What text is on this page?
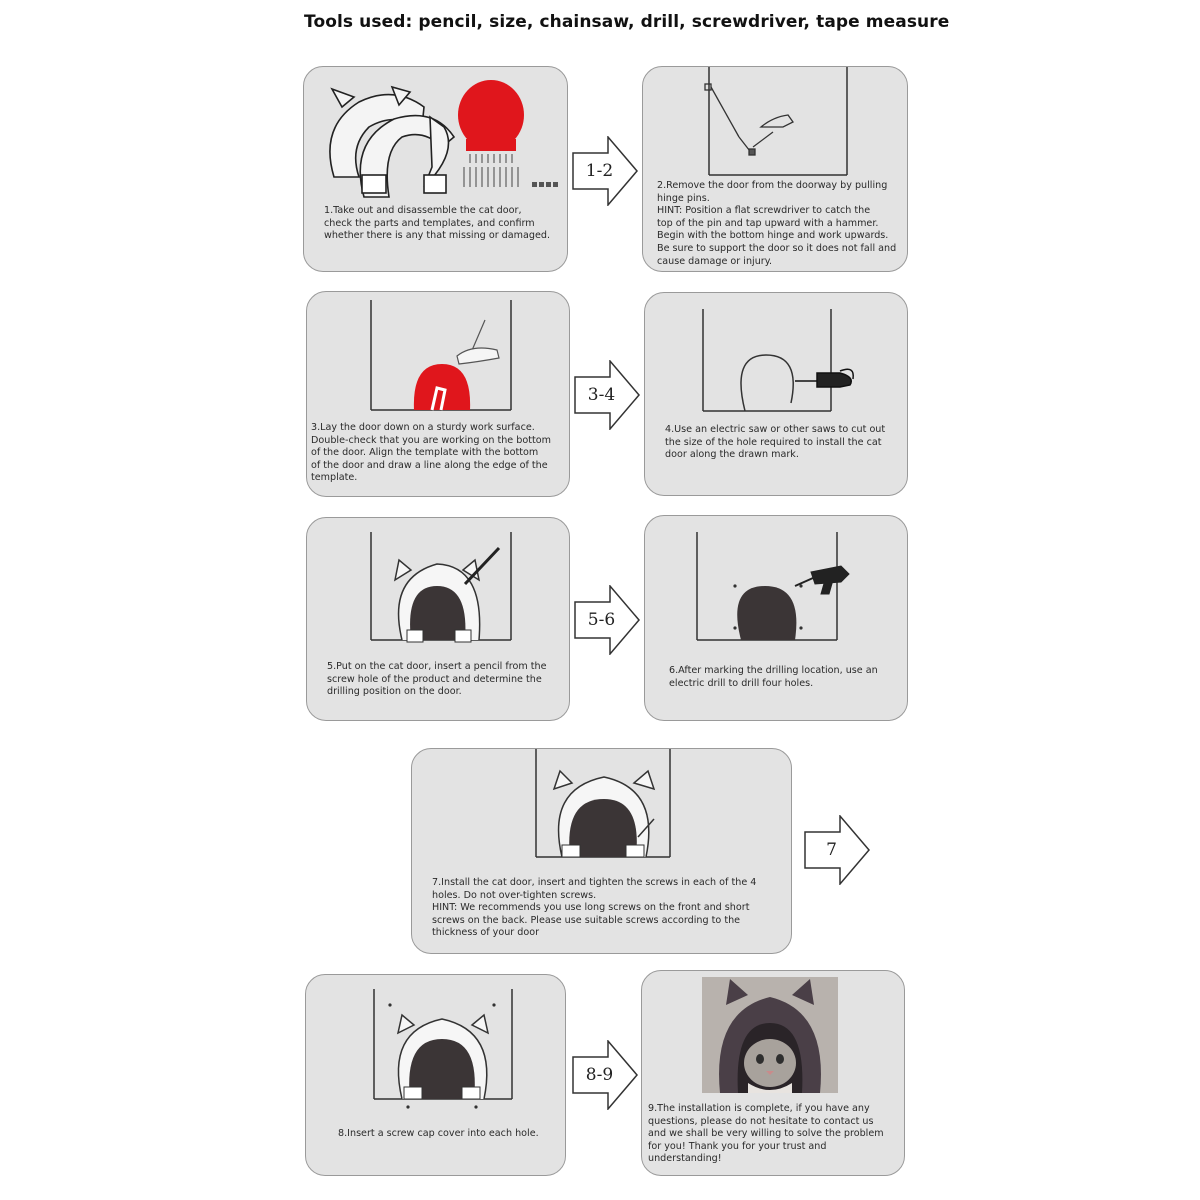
Tools used: pencil, size, chainsaw, drill, screwdriver, tape measure
1.Take out and disassemble the cat door,
check the parts and templates, and confirm
whether there is any that missing or damaged.
1-2
2.Remove the door from the doorway by pulling
hinge pins.
HINT: Position a flat screwdriver to catch the
top of the pin and tap upward with a hammer.
Begin with the bottom hinge and work upwards.
Be sure to support the door so it does not fall and
cause damage or injury.
3.Lay the door down on a sturdy work surface.
Double-check that you are working on the bottom
of the door. Align the template with the bottom
of the door and draw a line along the edge of the
template.
3-4
4.Use an electric saw or other saws to cut out
the size of the hole required to install the cat
door along the drawn mark.
5.Put on the cat door, insert a pencil from the
screw hole of the product and determine the
drilling position on the door.
5-6
6.After marking the drilling location, use an
electric drill to drill four holes.
7.Install the cat door, insert and tighten the screws in each of the 4
holes. Do not over-tighten screws.
HINT: We recommends you use long screws on the front and short
screws on the back. Please use suitable screws according to the
thickness of your door
7
8.Insert a screw cap cover into each hole.
8-9
9.The installation is complete, if you have any
questions, please do not hesitate to contact us
and we shall be very willing to solve the problem
for you! Thank you for your trust and
understanding!
